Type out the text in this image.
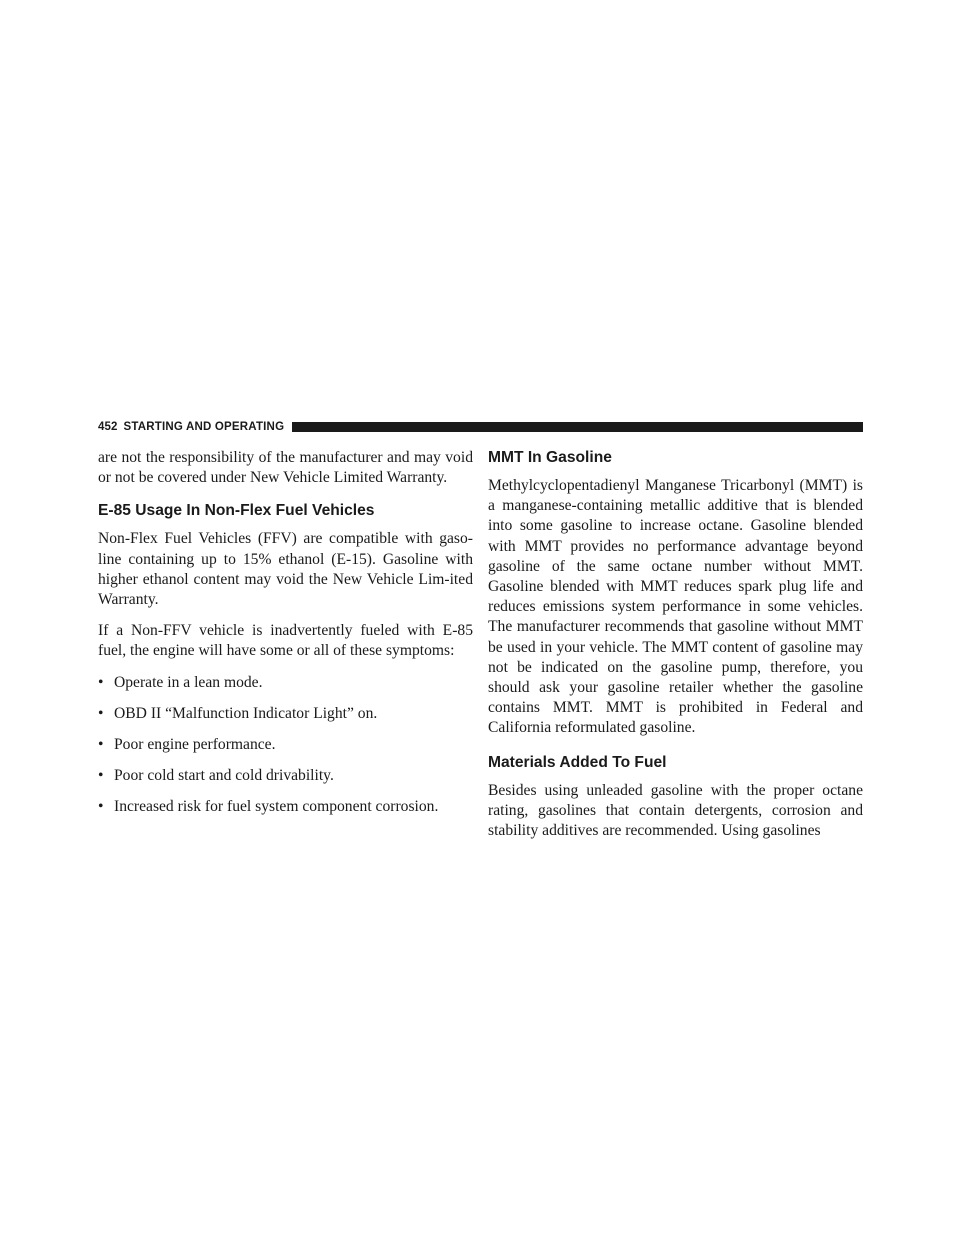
452 STARTING AND OPERATING

are not the responsibility of the manufacturer and may void or not be covered under New Vehicle Limited Warranty.

E-85 Usage In Non-Flex Fuel Vehicles

Non-Flex Fuel Vehicles (FFV) are compatible with gaso-line containing up to 15% ethanol (E-15). Gasoline with higher ethanol content may void the New Vehicle Lim-ited Warranty.

If a Non-FFV vehicle is inadvertently fueled with E-85 fuel, the engine will have some or all of these symptoms:

• Operate in a lean mode.
• OBD II “Malfunction Indicator Light” on.
• Poor engine performance.
• Poor cold start and cold drivability.
• Increased risk for fuel system component corrosion.
MMT In Gasoline

Methylcyclopentadienyl Manganese Tricarbonyl (MMT) is a manganese-containing metallic additive that is blended into some gasoline to increase octane. Gasoline blended with MMT provides no performance advantage beyond gasoline of the same octane number without MMT. Gasoline blended with MMT reduces spark plug life and reduces emissions system performance in some vehicles. The manufacturer recommends that gasoline without MMT be used in your vehicle. The MMT content of gasoline may not be indicated on the gasoline pump, therefore, you should ask your gasoline retailer whether the gasoline contains MMT. MMT is prohibited in Federal and California reformulated gasoline.

Materials Added To Fuel

Besides using unleaded gasoline with the proper octane rating, gasolines that contain detergents, corrosion and stability additives are recommended. Using gasolines
